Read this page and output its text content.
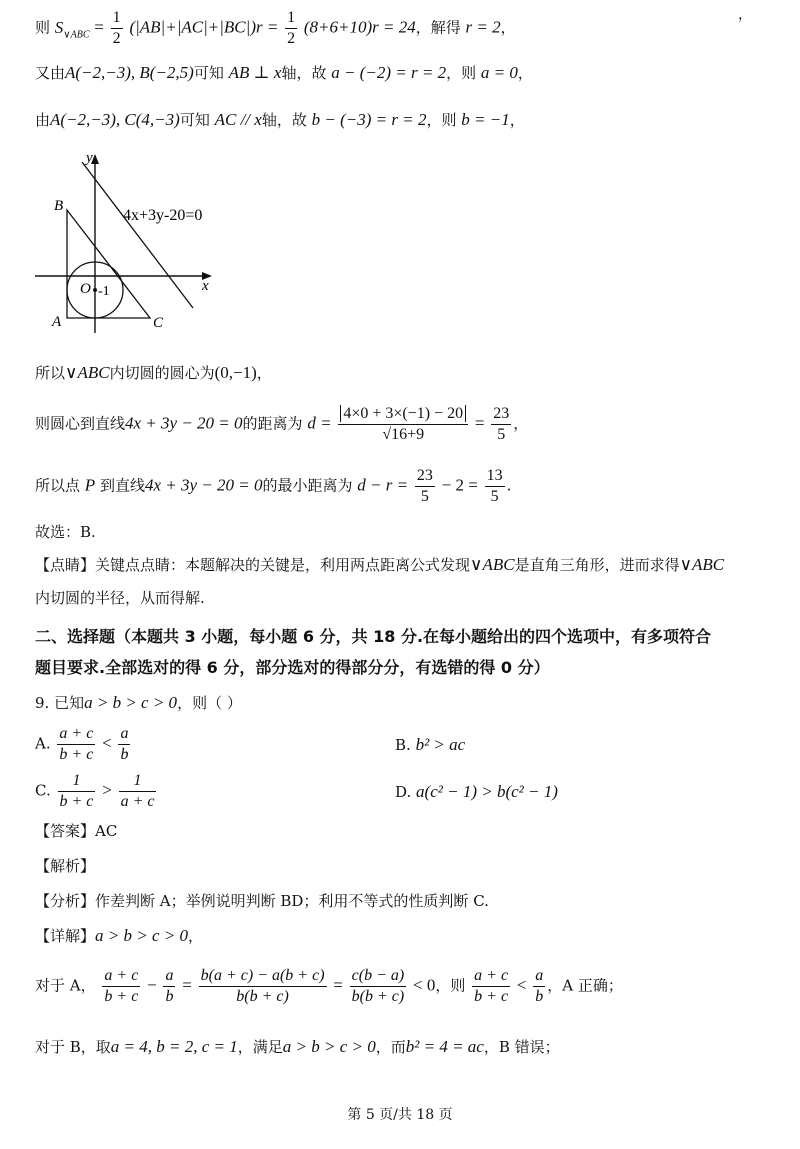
，
则 $S_{\vee ABC} = \frac{1}{2} (|AB|+|AC|+|BC|)r = \frac{1}{2} (8+6+10)r = 24$，解得 r = 2，
又由A(−2,−3), B(−2,5)可知 AB ⊥ x轴，故 a − (−2) = r = 2，则 a = 0，
由A(−2,−3), C(4,−3)可知 AC // x轴，故 b − (−3) = r = 2，则 b = −1，
y
x
B
A	C
O -1
4x+3y-20=0
所以∨ABC内切圆的圆心为(0,−1)，
则圆心到直线4x + 3y − 20 = 0的距离为 $d = \frac{4\times 0 + 3\times(-1) - 20}{√16+9} = \frac{23}{5}$ ，
所以点 P 到直线4x + 3y − 20 = 0的最小距离为 $d - r = \frac{23}{5} - 2 = \frac{13}{5}$ .
故选：B.
【点睛】关键点点睛：本题解决的关键是，利用两点距离公式发现∨ABC是直角三角形，进而求得∨ABC
内切圆的半径，从而得解.
二、选择题（本题共 3 小题，每小题 6 分，共 18 分.在每小题给出的四个选项中，有多项符合
题目要求.全部选对的得 6 分，部分选对的得部分分，有选错的得 0 分）
9. 已知a > b > c > 0，则（ ）
A. $\frac{a + c}{b + c} < \frac{a}{b}$	B. b² > ac
C. $\frac{1}{b + c} > \frac{1}{a + c}$	D. a(c² − 1) > b(c² − 1)
【答案】AC
【解析】
【分析】作差判断 A；举例说明判断 BD；利用不等式的性质判断 C.
【详解】a > b > c > 0，
对于 A， $\frac{a + c}{b + c} - \frac{a}{b} = \frac{b(a + c) - a(b + c)}{b(b + c)} = \frac{c(b - a)}{b(b + c)} < 0$，则 $\frac{a + c}{b + c} < \frac{a}{b}$ ，A 正确；
对于 B，取a = 4, b = 2, c = 1，满足a > b > c > 0，而b² = 4 = ac，B 错误；
第 5 页/共 18 页
